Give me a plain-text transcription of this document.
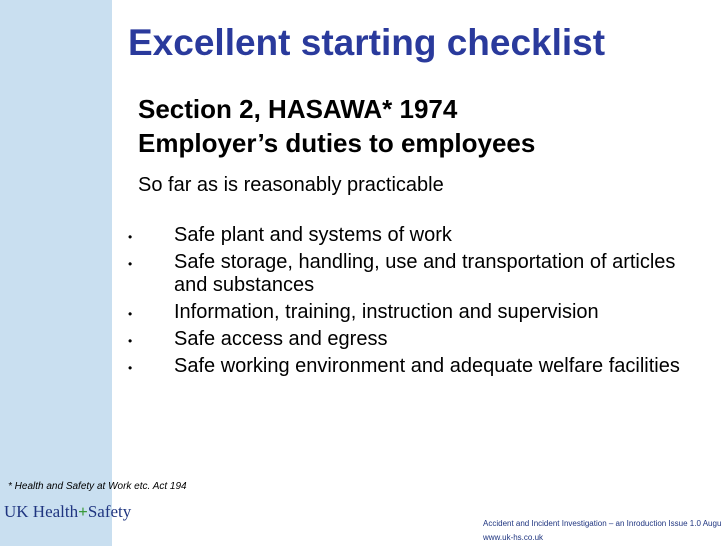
Excellent starting checklist
Section 2, HASAWA* 1974
Employer’s duties to employees
So far as is reasonably practicable
•	Safe plant and systems of work
•	Safe storage, handling, use and transportation of articles and substances
•	Information, training, instruction and supervision
•	Safe access and egress
•	Safe working environment and adequate welfare facilities
* Health and Safety at Work etc. Act 194
UK Health+Safety
Accident and Incident Investigation – an Inroduction Issue 1.0 Augu
www.uk-hs.co.uk
